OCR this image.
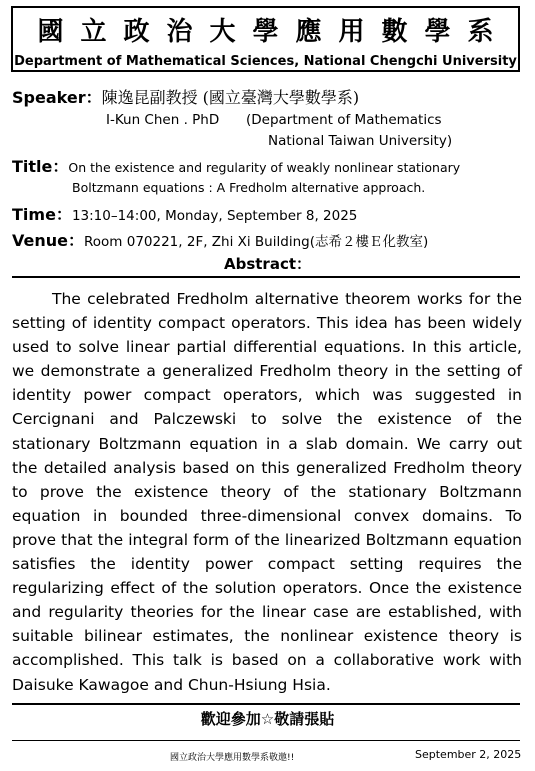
國立政治大學應用數學系
Department of Mathematical Sciences, National Chengchi University
Speaker：陳逸昆副教授 (國立臺灣大學數學系)
I-Kun Chen . PhD (Department of Mathematics
National Taiwan University)
Title：On the existence and regularity of weakly nonlinear stationary
Boltzmann equations : A Fredholm alternative approach.
Time：13:10–14:00, Monday, September 8, 2025
Venue：Room 070221, 2F, Zhi Xi Building(志希２樓Ｅ化教室)
Abstract：

The celebrated Fredholm alternative theorem works for the setting of identity compact operators. This idea has been widely used to solve linear partial differential equations. In this article, we demonstrate a generalized Fredholm theory in the setting of identity power compact operators, which was suggested in Cercignani and Palczewski to solve the existence of the stationary Boltzmann equation in a slab domain. We carry out the detailed analysis based on this generalized Fredholm theory to prove the existence theory of the stationary Boltzmann equation in bounded three-dimensional convex domains. To prove that the integral form of the linearized Boltzmann equation satisfies the identity power compact setting requires the regularizing effect of the solution operators. Once the existence and regularity theories for the linear case are established, with suitable bilinear estimates, the nonlinear existence theory is accomplished. This talk is based on a collaborative work with Daisuke Kawagoe and Chun-Hsiung Hsia.

歡迎參加☆敬請張貼
國立政治大學應用數學系敬邀!!	September 2, 2025
